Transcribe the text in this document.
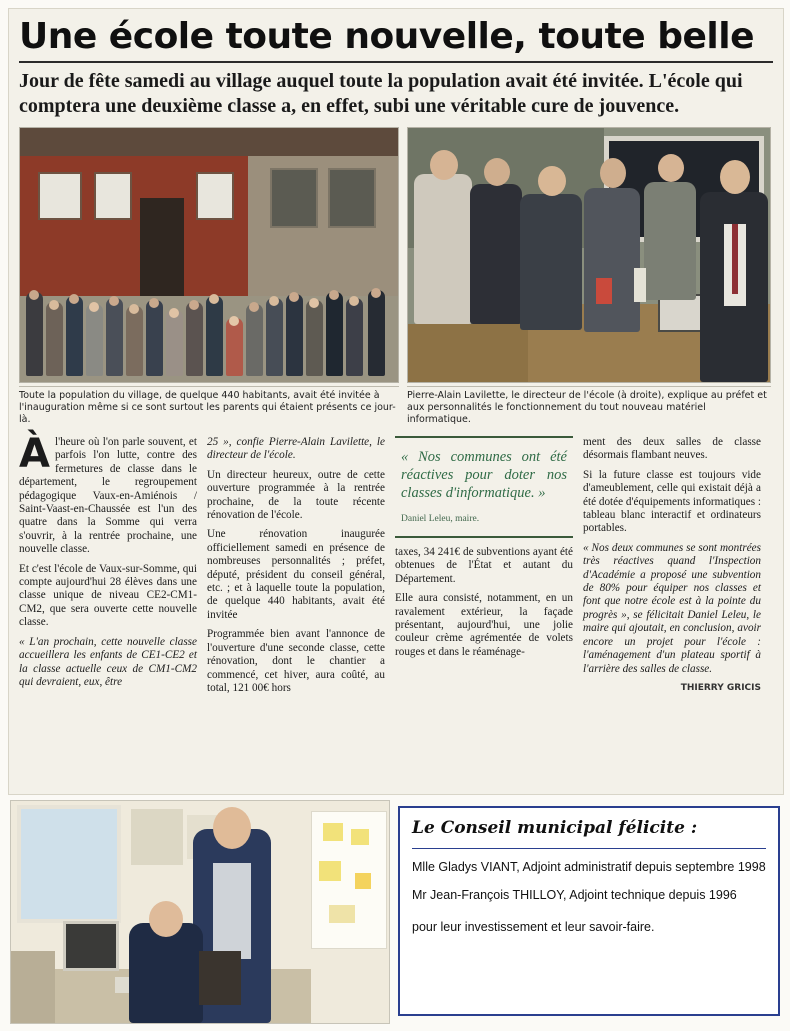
Une école toute nouvelle, toute belle
Jour de fête samedi au village auquel toute la population avait été invitée. L'école qui comptera une deuxième classe a, en effet, subi une véritable cure de jouvence.
Toute la population du village, de quelque 440 habitants, avait été invitée à l'inauguration même si ce sont surtout les parents qui étaient présents ce jour-là.
Pierre-Alain Lavilette, le directeur de l'école (à droite), explique au préfet et aux personnalités le fonctionnement du tout nouveau matériel informatique.

Àl'heure où l'on parle souvent, et parfois l'on lutte, contre des fermetures de classe dans le département, le regroupement pédagogique Vaux-en-Amiénois / Saint-Vaast-en-Chaussée est l'un des quatre dans la Somme qui verra s'ouvrir, à la rentrée prochaine, une nouvelle classe.

Et c'est l'école de Vaux-sur-Somme, qui compte aujourd'hui 28 élèves dans une classe unique de niveau CE2-CM1-CM2, que sera ouverte cette nouvelle classe.

« L'an prochain, cette nouvelle classe accueillera les enfants de CE1-CE2 et la classe actuelle ceux de CM1-CM2 qui devraient, eux, être

25 », confie Pierre-Alain Lavilette, le directeur de l'école.

Un directeur heureux, outre de cette ouverture programmée à la rentrée prochaine, de la toute récente rénovation de l'école.

Une rénovation inaugurée officiellement samedi en présence de nombreuses personnalités ; préfet, député, président du conseil général, etc. ; et à laquelle toute la population, de quelque 440 habitants, avait été invitée

Programmée bien avant l'annonce de l'ouverture d'une seconde classe, cette rénovation, dont le chantier a commencé, cet hiver, aura coûté, au total, 121 00€ hors

« Nos communes ont été réactives pour doter nos classes d'informatique. »
Daniel Leleu, maire.

taxes, 34 241€ de subventions ayant été obtenues de l'État et autant du Département.

Elle aura consisté, notamment, en un ravalement extérieur, la façade présentant, aujourd'hui, une jolie couleur crème agrémentée de volets rouges et dans le réaménage-

ment des deux salles de classe désormais flambant neuves.

Si la future classe est toujours vide d'ameublement, celle qui existait déjà a été dotée d'équipements informatiques : tableau blanc interactif et ordinateurs portables.

« Nos deux communes se sont montrées très réactives quand l'Inspection d'Académie a proposé une subvention de 80% pour équiper nos classes et font que notre école est à la pointe du progrès », se félicitait Daniel Leleu, le maire qui ajoutait, en conclusion, avoir encore un projet pour l'école : l'aménagement d'un plateau sportif à l'arrière des salles de classe.

THIERRY GRICIS
Le Conseil municipal félicite :

Mlle Gladys VIANT, Adjoint administratif depuis septembre 1998

Mr Jean-François THILLOY, Adjoint technique depuis 1996

pour leur investissement et leur savoir-faire.
